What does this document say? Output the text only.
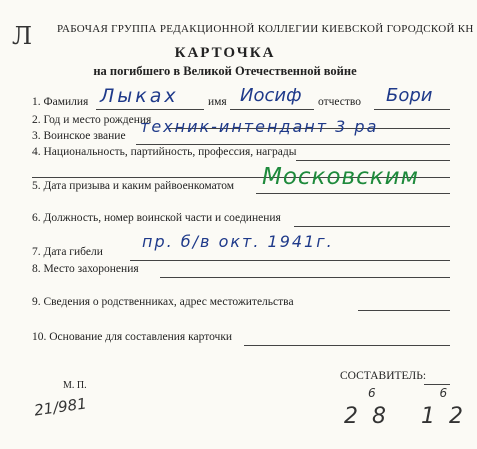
Л РАБОЧАЯ ГРУППА РЕДАКЦИОННОЙ КОЛЛЕГИИ КИЕВСКОЙ ГОРОДСКОЙ КН
КАРТОЧКА
на погибшего в Великой Отечественной войне
1. Фамилия Лыках	имя Иосиф отчество Бори
2. Год и место рождения
3. Воинское звание техник-интендант 3 ра
4. Национальность, партийность, профессия, награды
5. Дата призыва и каким райвоенкоматом Московским
6. Должность, номер воинской части и соединения
7. Дата гибели
пр. б/в окт. 1941г.
8. Место захоронения
9. Сведения о родственниках, адрес местожительства
10. Основание для составления карточки
СОСТАВИТЕЛЬ:
М. П.
21/981
6 6
28 12
